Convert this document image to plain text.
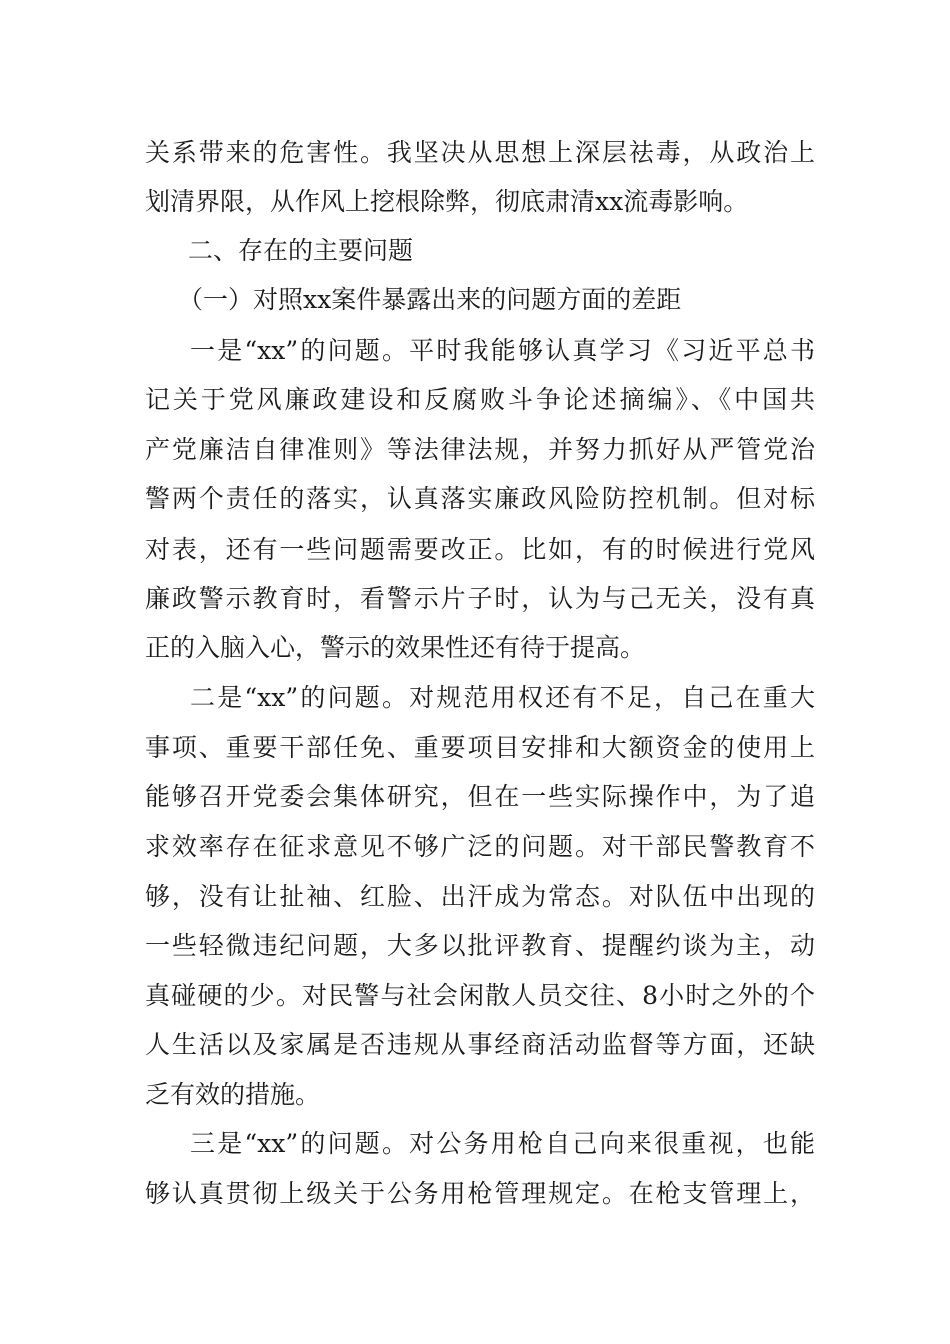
关系带来的危害性。我坚决从思想上深层祛毒，从政治上
划清界限，从作风上挖根除弊，彻底肃清xx流毒影响。
二、存在的主要问题
（一）对照xx案件暴露出来的问题方面的差距
一是“xx”的问题。平时我能够认真学习《习近平总书
记关于党风廉政建设和反腐败斗争论述摘编》、《中国共
产党廉洁自律准则》等法律法规，并努力抓好从严管党治
警两个责任的落实，认真落实廉政风险防控机制。但对标
对表，还有一些问题需要改正。比如，有的时候进行党风
廉政警示教育时，看警示片子时，认为与己无关，没有真
正的入脑入心，警示的效果性还有待于提高。
二是“xx”的问题。对规范用权还有不足，自己在重大
事项、重要干部任免、重要项目安排和大额资金的使用上
能够召开党委会集体研究，但在一些实际操作中，为了追
求效率存在征求意见不够广泛的问题。对干部民警教育不
够，没有让扯袖、红脸、出汗成为常态。对队伍中出现的
一些轻微违纪问题，大多以批评教育、提醒约谈为主，动
真碰硬的少。对民警与社会闲散人员交往、8小时之外的个
人生活以及家属是否违规从事经商活动监督等方面，还缺
乏有效的措施。
三是“xx”的问题。对公务用枪自己向来很重视，也能
够认真贯彻上级关于公务用枪管理规定。在枪支管理上，
